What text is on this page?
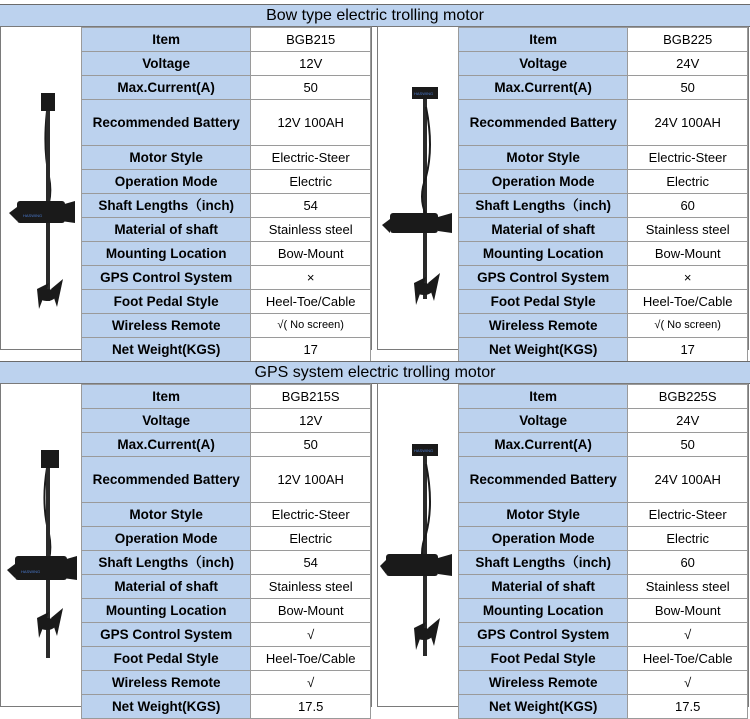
Bow type electric trolling motor
HASWING
Item	BGB215
Voltage	12V
Max.Current(A)	50
Recommended Battery	12V 100AH
Motor Style	Electric-Steer
Operation Mode	Electric
Shaft Lengths（inch)	54
Material of shaft	Stainless steel
Mounting Location	Bow-Mount
GPS Control System	×
Foot Pedal Style	Heel-Toe/Cable
Wireless Remote	√( No screen)
Net Weight(KGS)	17
HASWING
Item	BGB225
Voltage	24V
Max.Current(A)	50
Recommended Battery	24V 100AH
Motor Style	Electric-Steer
Operation Mode	Electric
Shaft Lengths（inch)	60
Material of shaft	Stainless steel
Mounting Location	Bow-Mount
GPS Control System	×
Foot Pedal Style	Heel-Toe/Cable
Wireless Remote	√( No screen)
Net Weight(KGS)	17
GPS system electric trolling motor
HASWING
Item	BGB215S
Voltage	12V
Max.Current(A)	50
Recommended Battery	12V 100AH
Motor Style	Electric-Steer
Operation Mode	Electric
Shaft Lengths（inch)	54
Material of shaft	Stainless steel
Mounting Location	Bow-Mount
GPS Control System	√
Foot Pedal Style	Heel-Toe/Cable
Wireless Remote	√
Net Weight(KGS)	17.5
HASWING
Item	BGB225S
Voltage	24V
Max.Current(A)	50
Recommended Battery	24V 100AH
Motor Style	Electric-Steer
Operation Mode	Electric
Shaft Lengths（inch)	60
Material of shaft	Stainless steel
Mounting Location	Bow-Mount
GPS Control System	√
Foot Pedal Style	Heel-Toe/Cable
Wireless Remote	√
Net Weight(KGS)	17.5
